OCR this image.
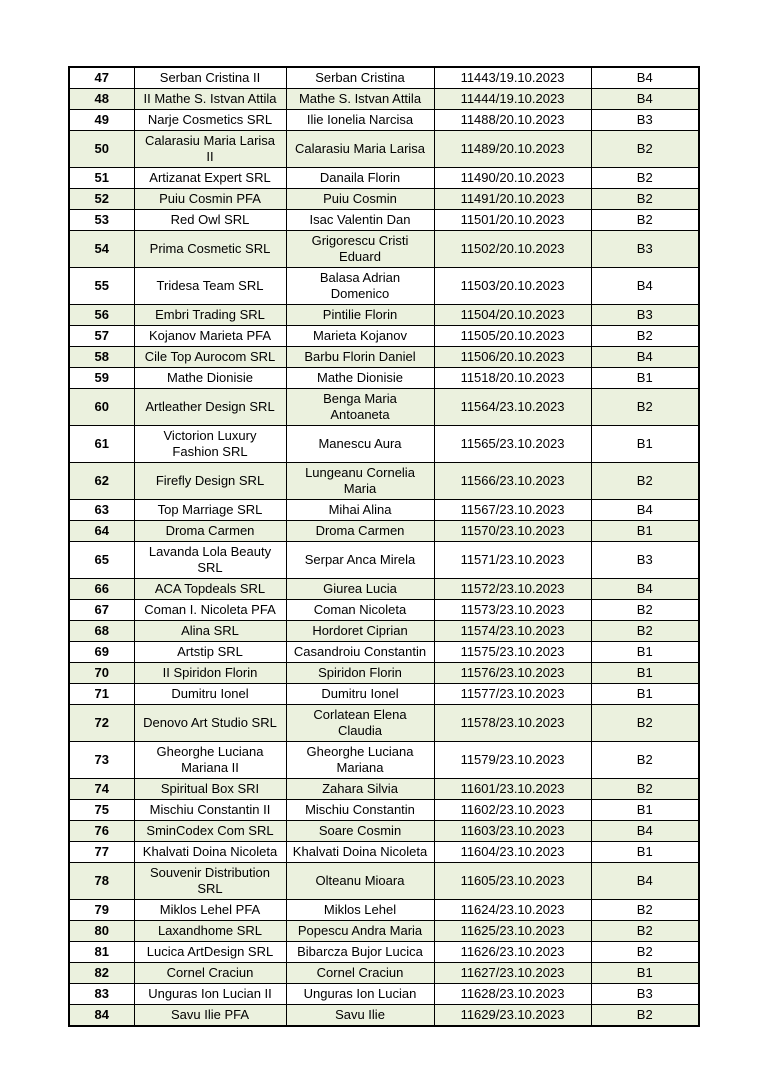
47	Serban Cristina II	Serban Cristina	11443/19.10.2023	B4
48	II Mathe S. Istvan Attila	Mathe S. Istvan Attila	11444/19.10.2023	B4
49	Narje Cosmetics SRL	Ilie Ionelia Narcisa	11488/20.10.2023	B3
50	Calarasiu Maria Larisa
II	Calarasiu Maria Larisa	11489/20.10.2023	B2
51	Artizanat Expert SRL	Danaila Florin	11490/20.10.2023	B2
52	Puiu Cosmin PFA	Puiu Cosmin	11491/20.10.2023	B2
53	Red Owl SRL	Isac Valentin Dan	11501/20.10.2023	B2
54	Prima Cosmetic SRL	Grigorescu Cristi
Eduard	11502/20.10.2023	B3
55	Tridesa Team SRL	Balasa Adrian
Domenico	11503/20.10.2023	B4
56	Embri Trading SRL	Pintilie Florin	11504/20.10.2023	B3
57	Kojanov Marieta PFA	Marieta Kojanov	11505/20.10.2023	B2
58	Cile Top Aurocom SRL	Barbu Florin Daniel	11506/20.10.2023	B4
59	Mathe Dionisie	Mathe Dionisie	11518/20.10.2023	B1
60	Artleather Design SRL	Benga Maria
Antoaneta	11564/23.10.2023	B2
61	Victorion Luxury
Fashion SRL	Manescu Aura	11565/23.10.2023	B1
62	Firefly Design SRL	Lungeanu Cornelia
Maria	11566/23.10.2023	B2
63	Top Marriage SRL	Mihai Alina	11567/23.10.2023	B4
64	Droma Carmen	Droma Carmen	11570/23.10.2023	B1
65	Lavanda Lola Beauty
SRL	Serpar Anca Mirela	11571/23.10.2023	B3
66	ACA Topdeals SRL	Giurea Lucia	11572/23.10.2023	B4
67	Coman I. Nicoleta PFA	Coman Nicoleta	11573/23.10.2023	B2
68	Alina SRL	Hordoret Ciprian	11574/23.10.2023	B2
69	Artstip SRL	Casandroiu Constantin	11575/23.10.2023	B1
70	II Spiridon Florin	Spiridon Florin	11576/23.10.2023	B1
71	Dumitru Ionel	Dumitru Ionel	11577/23.10.2023	B1
72	Denovo Art Studio SRL	Corlatean Elena
Claudia	11578/23.10.2023	B2
73	Gheorghe Luciana
Mariana II	Gheorghe Luciana
Mariana	11579/23.10.2023	B2
74	Spiritual Box SRI	Zahara Silvia	11601/23.10.2023	B2
75	Mischiu Constantin II	Mischiu Constantin	11602/23.10.2023	B1
76	SminCodex Com SRL	Soare Cosmin	11603/23.10.2023	B4
77	Khalvati Doina Nicoleta	Khalvati Doina Nicoleta	11604/23.10.2023	B1
78	Souvenir Distribution
SRL	Olteanu Mioara	11605/23.10.2023	B4
79	Miklos Lehel PFA	Miklos Lehel	11624/23.10.2023	B2
80	Laxandhome SRL	Popescu Andra Maria	11625/23.10.2023	B2
81	Lucica ArtDesign SRL	Bibarcza Bujor Lucica	11626/23.10.2023	B2
82	Cornel Craciun	Cornel Craciun	11627/23.10.2023	B1
83	Unguras Ion Lucian II	Unguras Ion Lucian	11628/23.10.2023	B3
84	Savu Ilie PFA	Savu Ilie	11629/23.10.2023	B2
